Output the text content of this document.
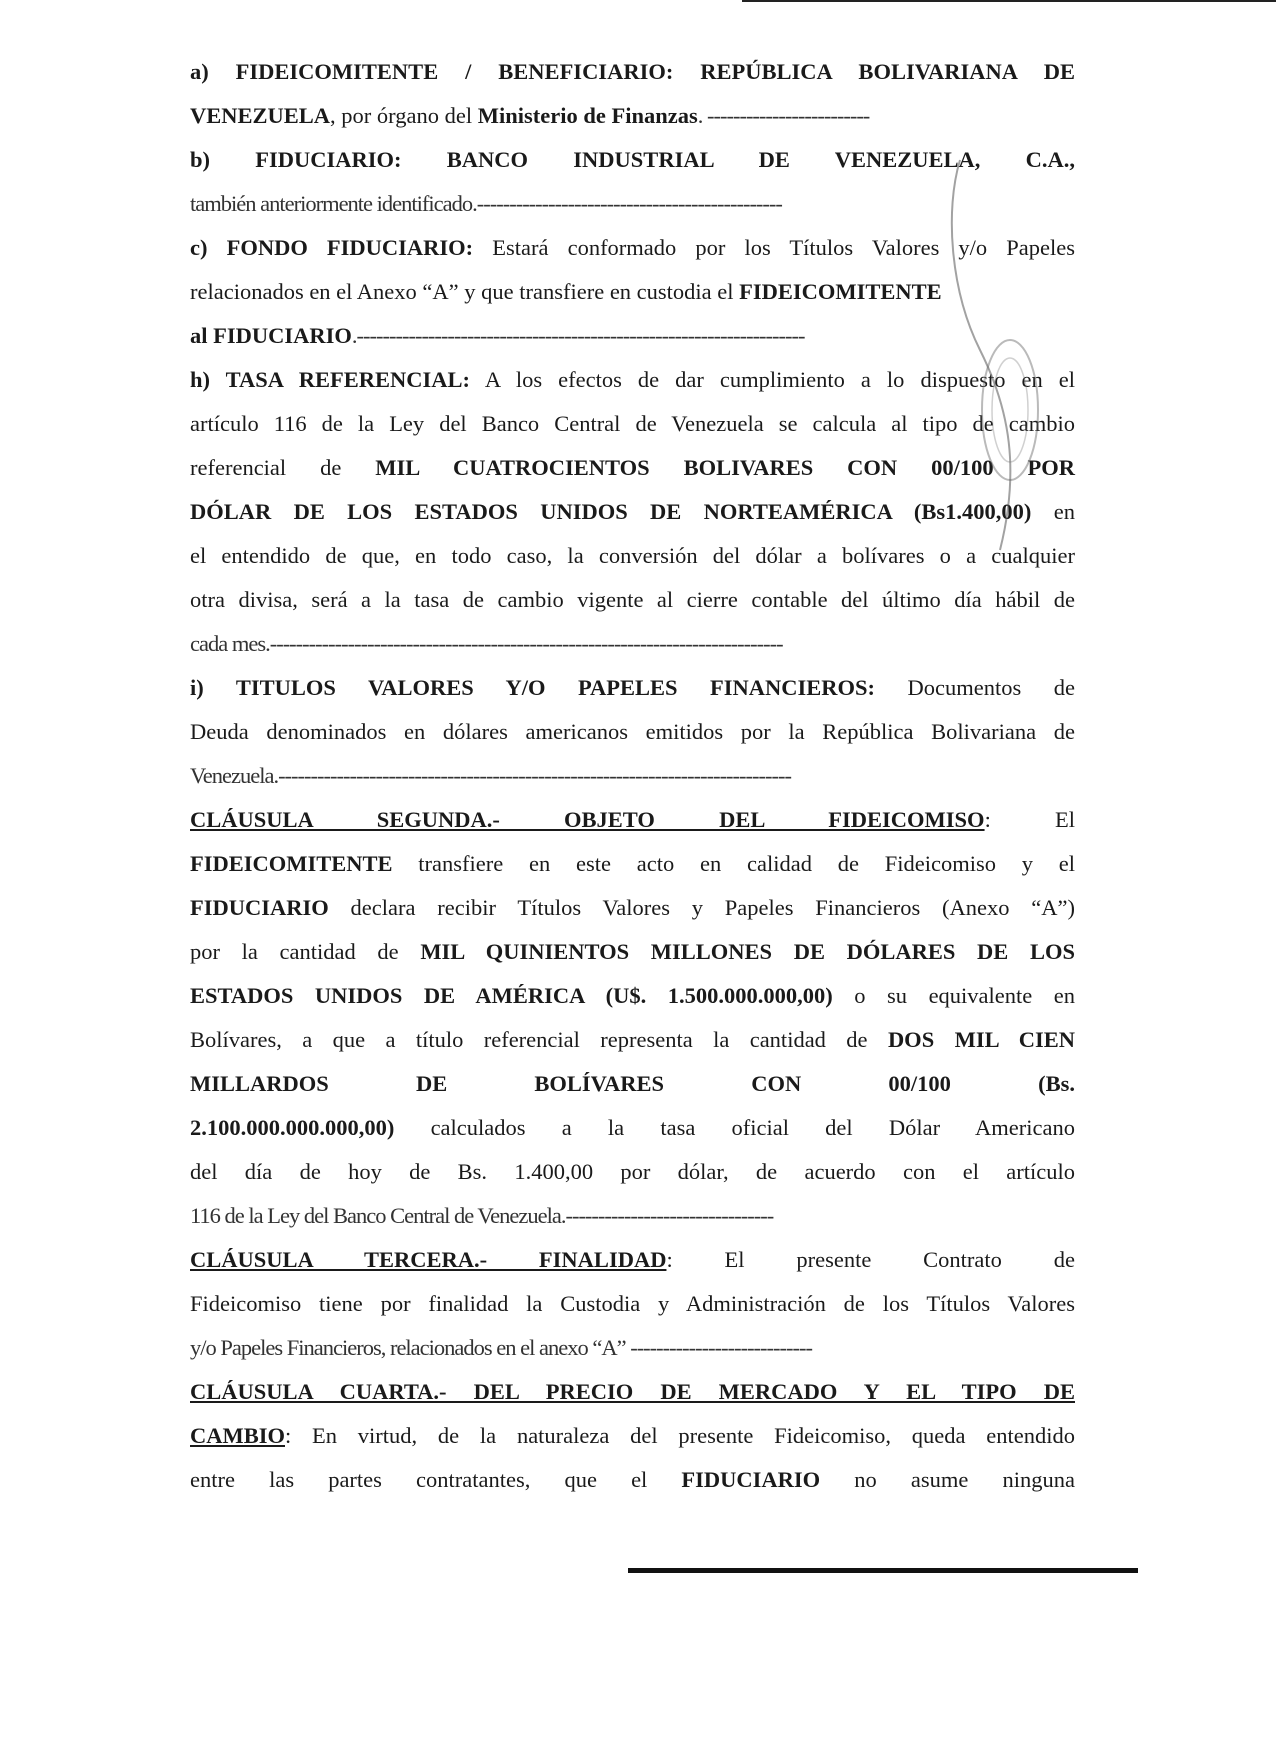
a) FIDEICOMITENTE / BENEFICIARIO: REPÚBLICA BOLIVARIANA DE

VENEZUELA, por órgano del Ministerio de Finanzas. -------------------------

b) FIDUCIARIO: BANCO INDUSTRIAL DE VENEZUELA, C.A.,

también anteriormente identificado.-----------------------------------------------

c) FONDO FIDUCIARIO: Estará conformado por los Títulos Valores y/o Papeles

relacionados en el Anexo “A” y que transfiere en custodia el FIDEICOMITENTE

al FIDUCIARIO.---------------------------------------------------------------------

h) TASA REFERENCIAL: A los efectos de dar cumplimiento a lo dispuesto en el

artículo 116 de la Ley del Banco Central de Venezuela se calcula al tipo de cambio

referencial de MIL CUATROCIENTOS BOLIVARES CON 00/100 POR

DÓLAR DE LOS ESTADOS UNIDOS DE NORTEAMÉRICA (Bs1.400,00) en

el entendido de que, en todo caso, la conversión del dólar a bolívares o a cualquier

otra divisa, será a la tasa de cambio vigente al cierre contable del último día hábil de

cada mes.-------------------------------------------------------------------------------

i) TITULOS VALORES Y/O PAPELES FINANCIEROS: Documentos de

Deuda denominados en dólares americanos emitidos por la República Bolivariana de

Venezuela.-------------------------------------------------------------------------------

CLÁUSULA SEGUNDA.- OBJETO DEL FIDEICOMISO: El

FIDEICOMITENTE transfiere en este acto en calidad de Fideicomiso y el

FIDUCIARIO declara recibir Títulos Valores y Papeles Financieros (Anexo “A”)

por la cantidad de MIL QUINIENTOS MILLONES DE DÓLARES DE LOS

ESTADOS UNIDOS DE AMÉRICA (U$. 1.500.000.000,00) o su equivalente en

Bolívares, a que a título referencial representa la cantidad de DOS MIL CIEN

MILLARDOS DE BOLÍVARES CON 00/100 (Bs.

2.100.000.000.000,00) calculados a la tasa oficial del Dólar Americano

del día de hoy de Bs. 1.400,00 por dólar, de acuerdo con el artículo

116 de la Ley del Banco Central de Venezuela.--------------------------------

CLÁUSULA TERCERA.- FINALIDAD: El presente Contrato de

Fideicomiso tiene por finalidad la Custodia y Administración de los Títulos Valores

y/o Papeles Financieros, relacionados en el anexo “A” ----------------------------

CLÁUSULA CUARTA.- DEL PRECIO DE MERCADO Y EL TIPO DE

CAMBIO: En virtud, de la naturaleza del presente Fideicomiso, queda entendido

entre las partes contratantes, que el FIDUCIARIO no asume ninguna
